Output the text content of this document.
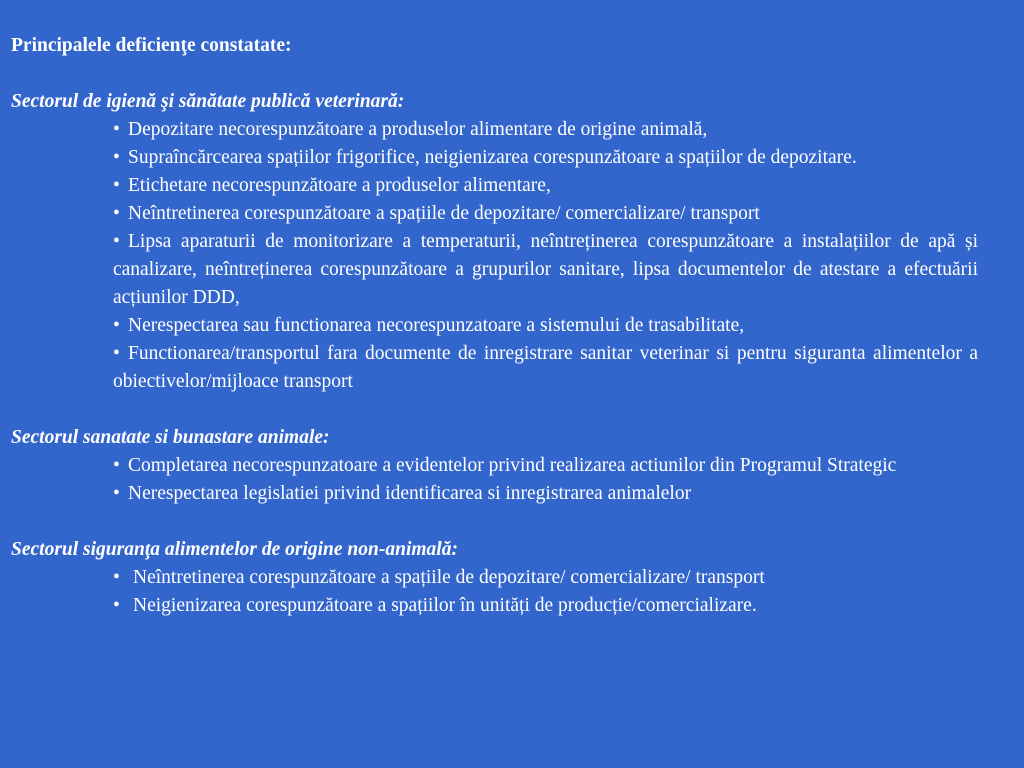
Principalele deficienţe constatate:

Sectorul de igienă şi sănătate publică veterinară:

• Depozitare necorespunzătoare a produselor alimentare de origine animală,
• Supraîncărcearea spațiilor frigorifice, neigienizarea corespunzătoare a spațiilor de depozitare.
• Etichetare necorespunzătoare a produselor alimentare,
• Neîntretinerea corespunzătoare a spațiile de depozitare/ comercializare/ transport
• Lipsa aparaturii de monitorizare a temperaturii, neîntreținerea corespunzătoare a instalațiilor de apă și canalizare, neîntreținerea corespunzătoare a grupurilor sanitare, lipsa documentelor de atestare a efectuării acțiunilor DDD,
• Nerespectarea sau functionarea necorespunzatoare a sistemului de trasabilitate,
• Functionarea/transportul fara documente de inregistrare sanitar veterinar si pentru siguranta alimentelor a obiectivelor/mijloace transport

Sectorul sanatate si bunastare animale:

• Completarea necorespunzatoare a evidentelor privind realizarea actiunilor din Programul Strategic
• Nerespectarea legislatiei privind identificarea si inregistrarea animalelor

Sectorul siguranţa alimentelor de origine non-animală:

• Neîntretinerea corespunzătoare a spațiile de depozitare/ comercializare/ transport
• Neigienizarea corespunzătoare a spațiilor în unități de producție/comercializare.
